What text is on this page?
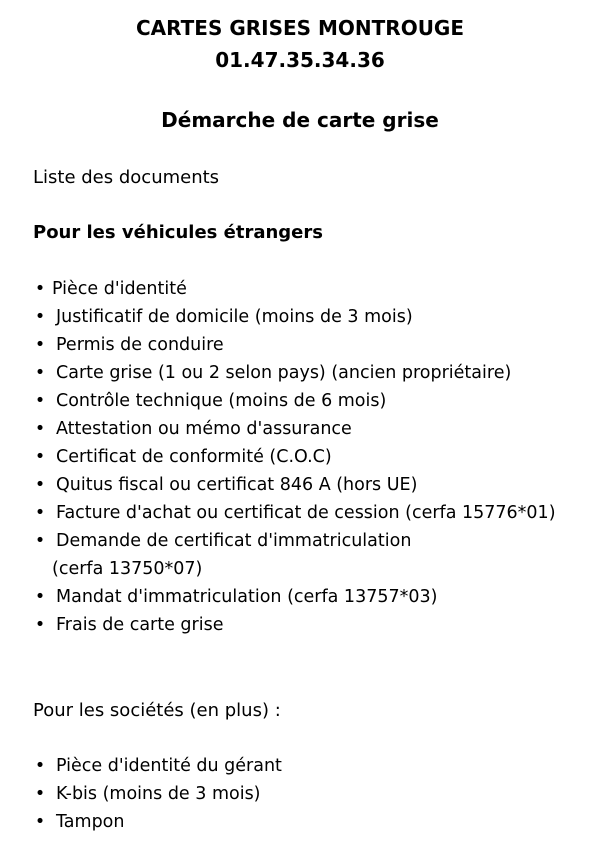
CARTES GRISES MONTROUGE
01.47.35.34.36
Démarche de carte grise
Liste des documents
Pour les véhicules étrangers
• Pièce d'identité
• Justificatif de domicile (moins de 3 mois)
• Permis de conduire
• Carte grise (1 ou 2 selon pays) (ancien propriétaire)
• Contrôle technique (moins de 6 mois)
• Attestation ou mémo d'assurance
• Certificat de conformité (C.O.C)
• Quitus fiscal ou certificat 846 A (hors UE)
• Facture d'achat ou certificat de cession (cerfa 15776*01)
• Demande de certificat d'immatriculation
(cerfa 13750*07)
• Mandat d'immatriculation (cerfa 13757*03)
• Frais de carte grise
Pour les sociétés (en plus) :
• Pièce d'identité du gérant
• K-bis (moins de 3 mois)
• Tampon
